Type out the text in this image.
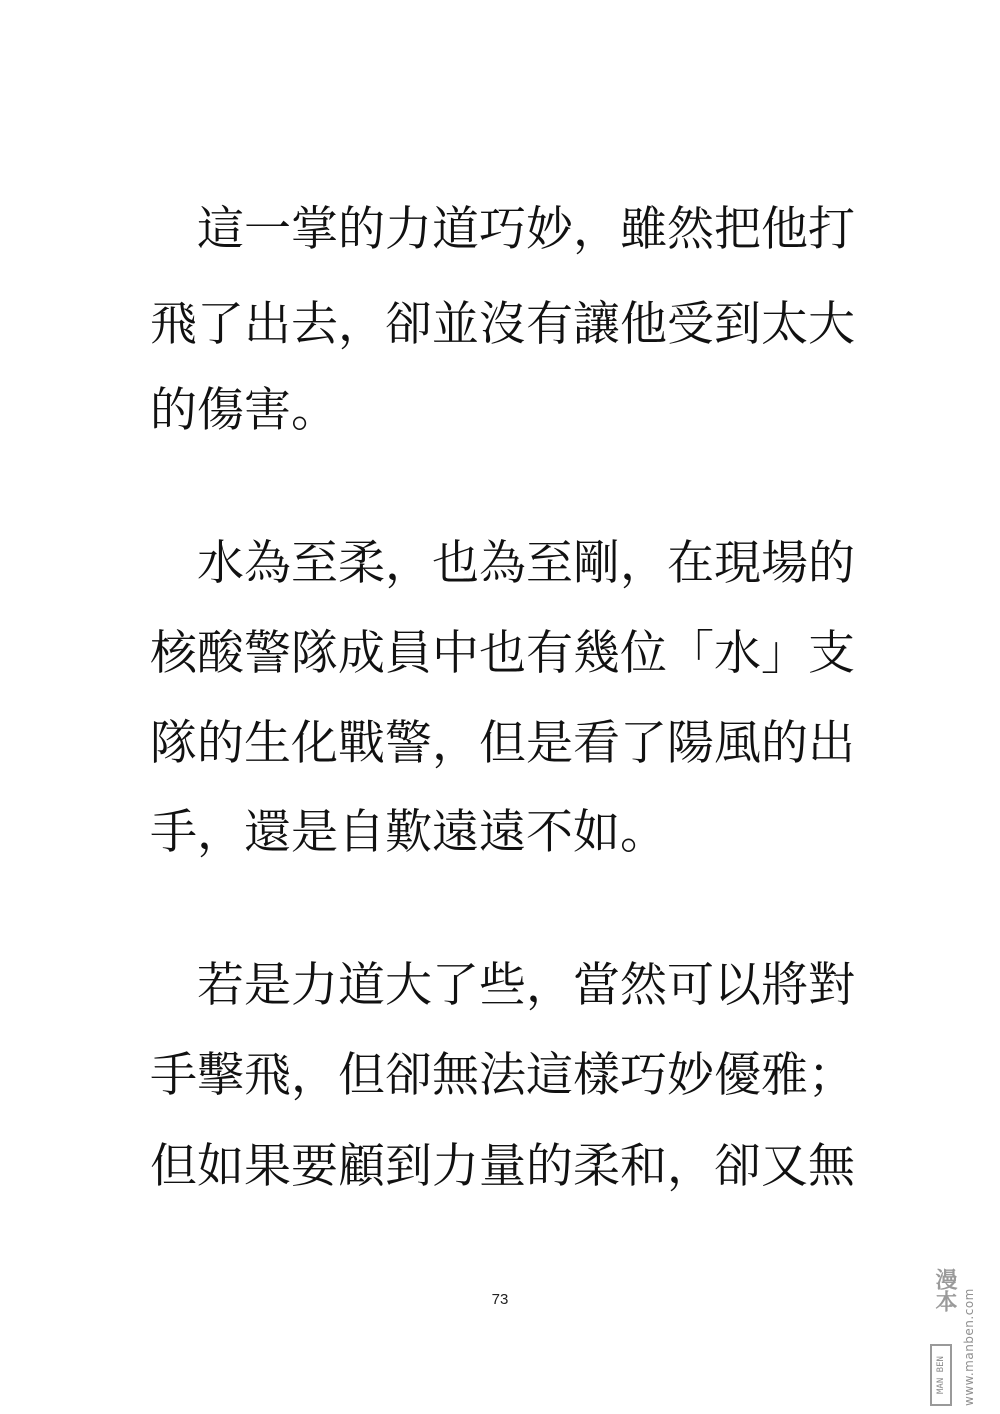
　這一掌的力道巧妙，雖然把他打
飛了出去，卻並沒有讓他受到太大
的傷害。
　水為至柔，也為至剛，在現場的
核酸警隊成員中也有幾位「水」支
隊的生化戰警，但是看了陽風的出
手，還是自歎遠遠不如。
　若是力道大了些，當然可以將對
手擊飛，但卻無法這樣巧妙優雅；
但如果要顧到力量的柔和，卻又無
73	漫本
MAN BEN	www.manben.com
